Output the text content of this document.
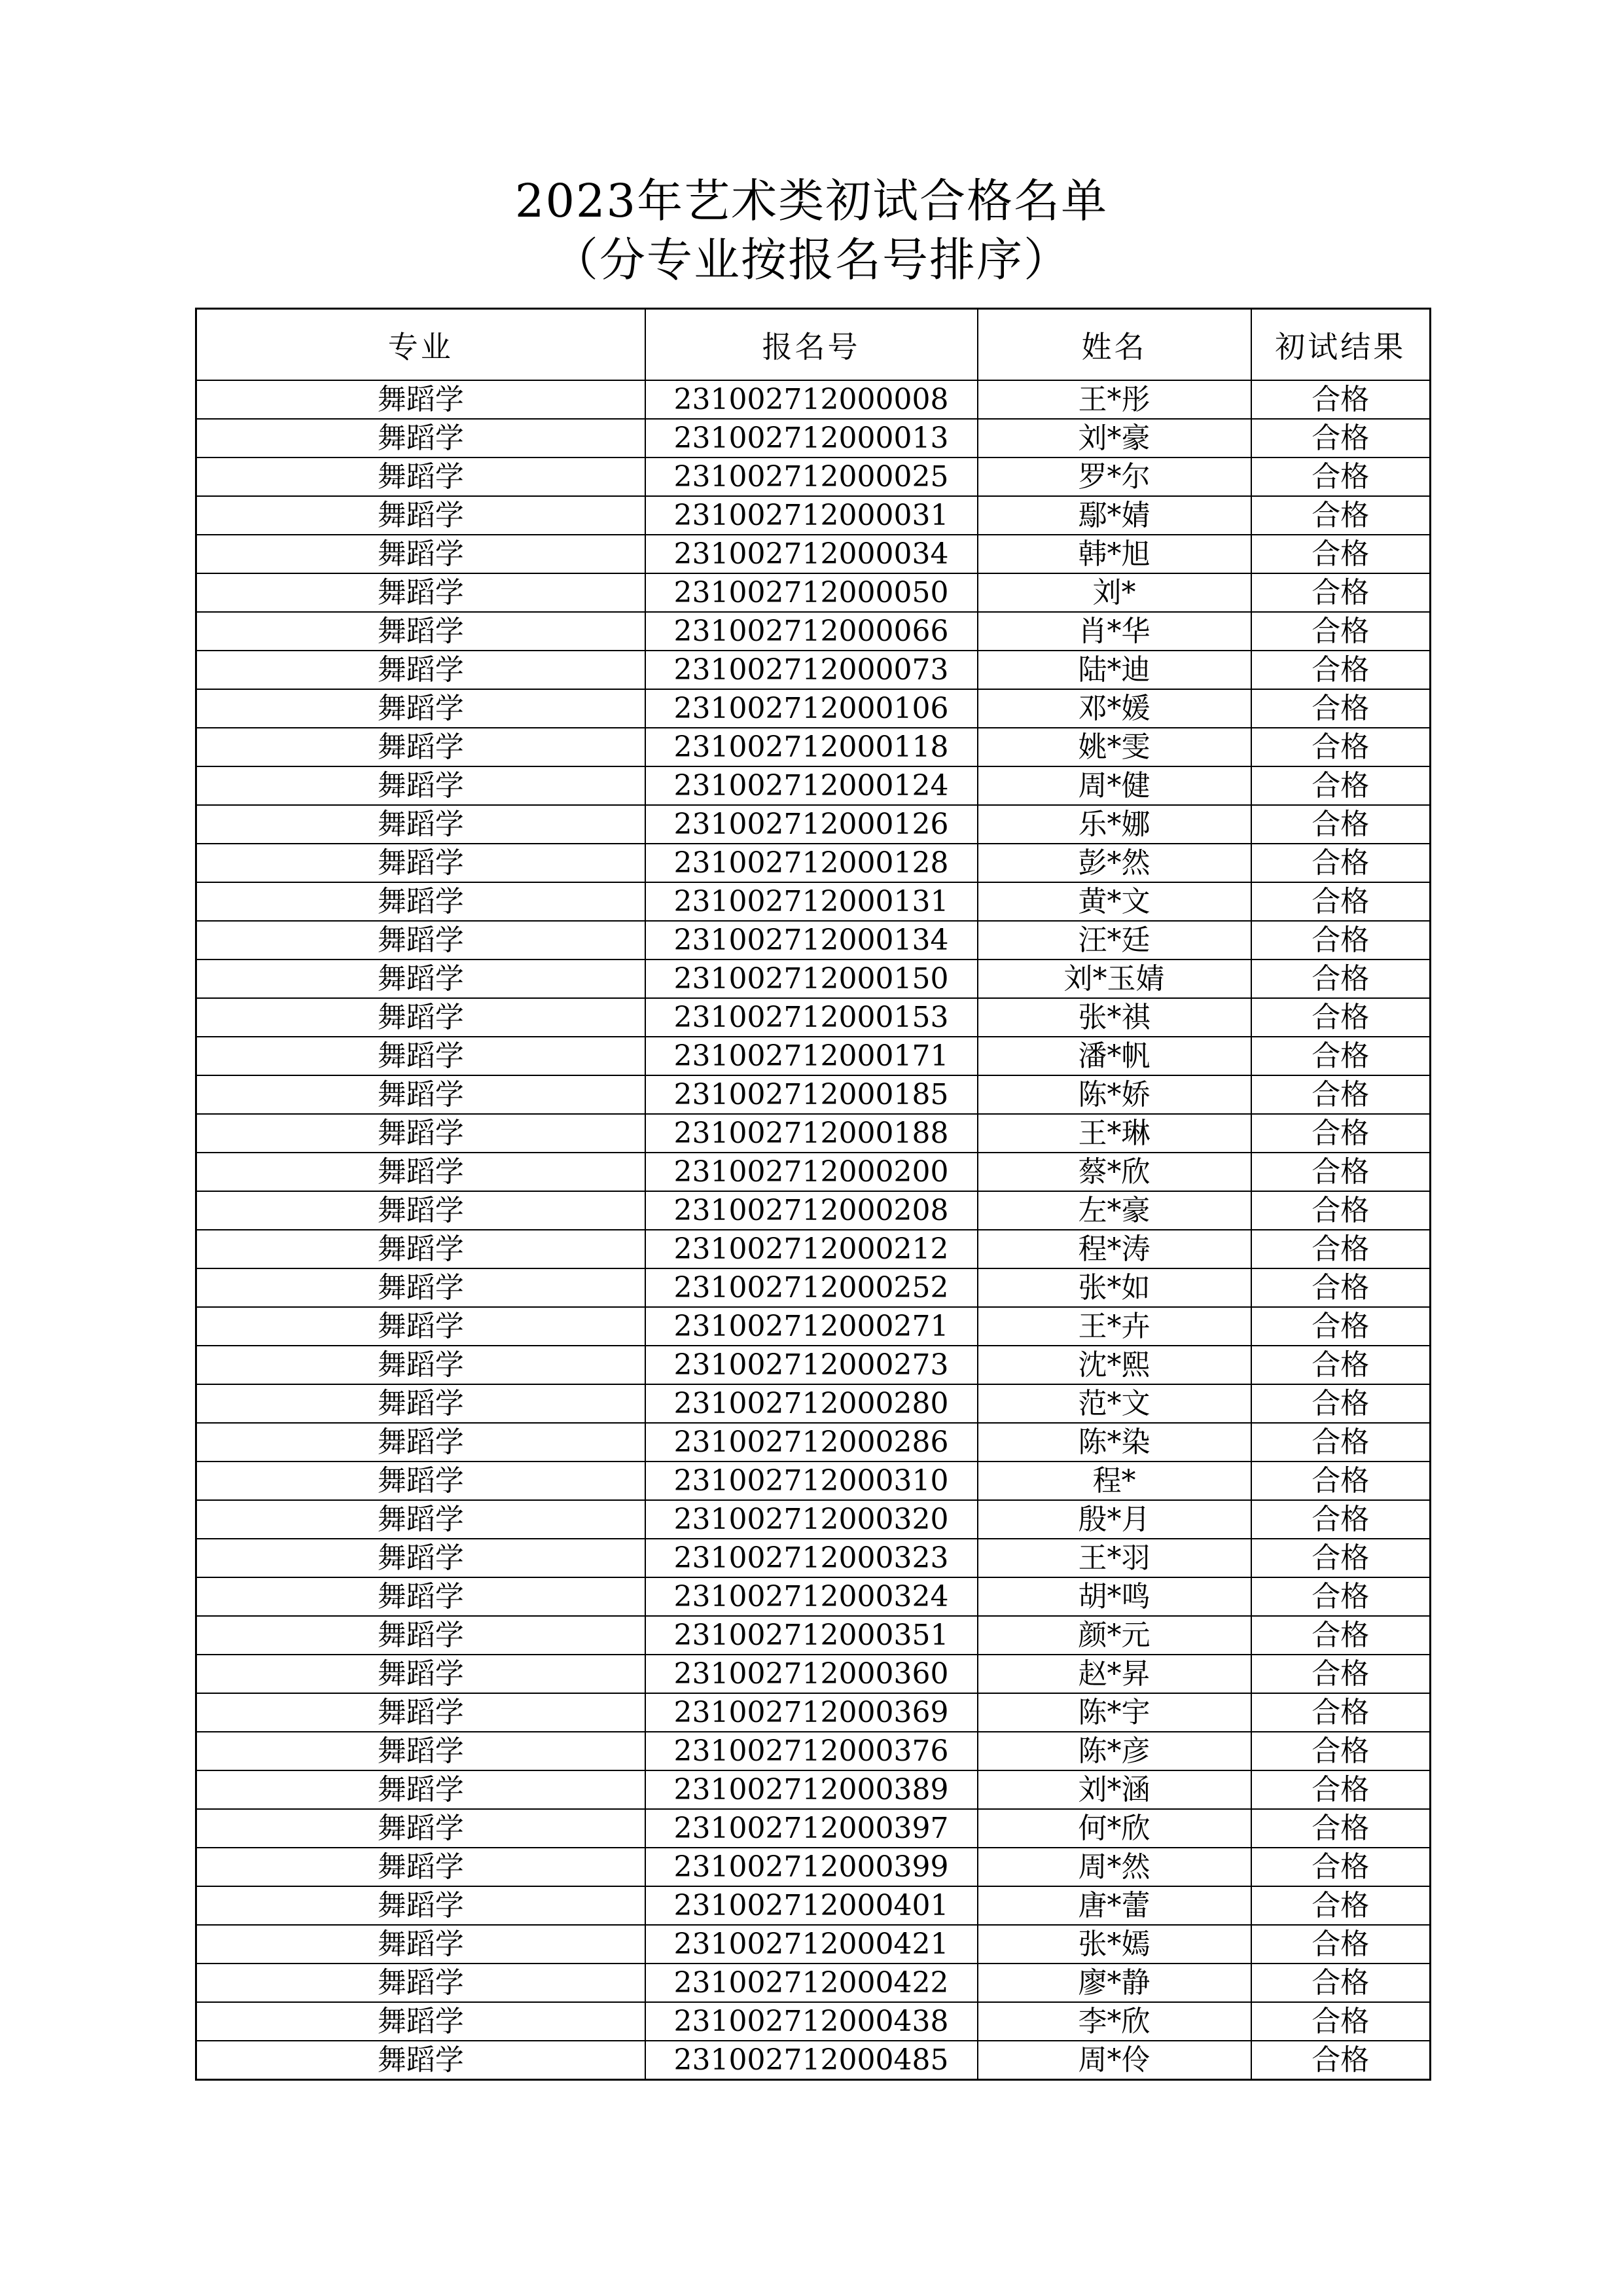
2023年艺术类初试合格名单
（分专业按报名号排序）
专业	报名号	姓名	初试结果
舞蹈学	231002712000008	王*彤	合格
舞蹈学	231002712000013	刘*豪	合格
舞蹈学	231002712000025	罗*尔	合格
舞蹈学	231002712000031	鄢*婧	合格
舞蹈学	231002712000034	韩*旭	合格
舞蹈学	231002712000050	刘*	合格
舞蹈学	231002712000066	肖*华	合格
舞蹈学	231002712000073	陆*迪	合格
舞蹈学	231002712000106	邓*媛	合格
舞蹈学	231002712000118	姚*雯	合格
舞蹈学	231002712000124	周*健	合格
舞蹈学	231002712000126	乐*娜	合格
舞蹈学	231002712000128	彭*然	合格
舞蹈学	231002712000131	黄*文	合格
舞蹈学	231002712000134	汪*廷	合格
舞蹈学	231002712000150	刘*玉婧	合格
舞蹈学	231002712000153	张*祺	合格
舞蹈学	231002712000171	潘*帆	合格
舞蹈学	231002712000185	陈*娇	合格
舞蹈学	231002712000188	王*琳	合格
舞蹈学	231002712000200	蔡*欣	合格
舞蹈学	231002712000208	左*豪	合格
舞蹈学	231002712000212	程*涛	合格
舞蹈学	231002712000252	张*如	合格
舞蹈学	231002712000271	王*卉	合格
舞蹈学	231002712000273	沈*熙	合格
舞蹈学	231002712000280	范*文	合格
舞蹈学	231002712000286	陈*染	合格
舞蹈学	231002712000310	程*	合格
舞蹈学	231002712000320	殷*月	合格
舞蹈学	231002712000323	王*羽	合格
舞蹈学	231002712000324	胡*鸣	合格
舞蹈学	231002712000351	颜*元	合格
舞蹈学	231002712000360	赵*昇	合格
舞蹈学	231002712000369	陈*宇	合格
舞蹈学	231002712000376	陈*彦	合格
舞蹈学	231002712000389	刘*涵	合格
舞蹈学	231002712000397	何*欣	合格
舞蹈学	231002712000399	周*然	合格
舞蹈学	231002712000401	唐*蕾	合格
舞蹈学	231002712000421	张*嫣	合格
舞蹈学	231002712000422	廖*静	合格
舞蹈学	231002712000438	李*欣	合格
舞蹈学	231002712000485	周*伶	合格
